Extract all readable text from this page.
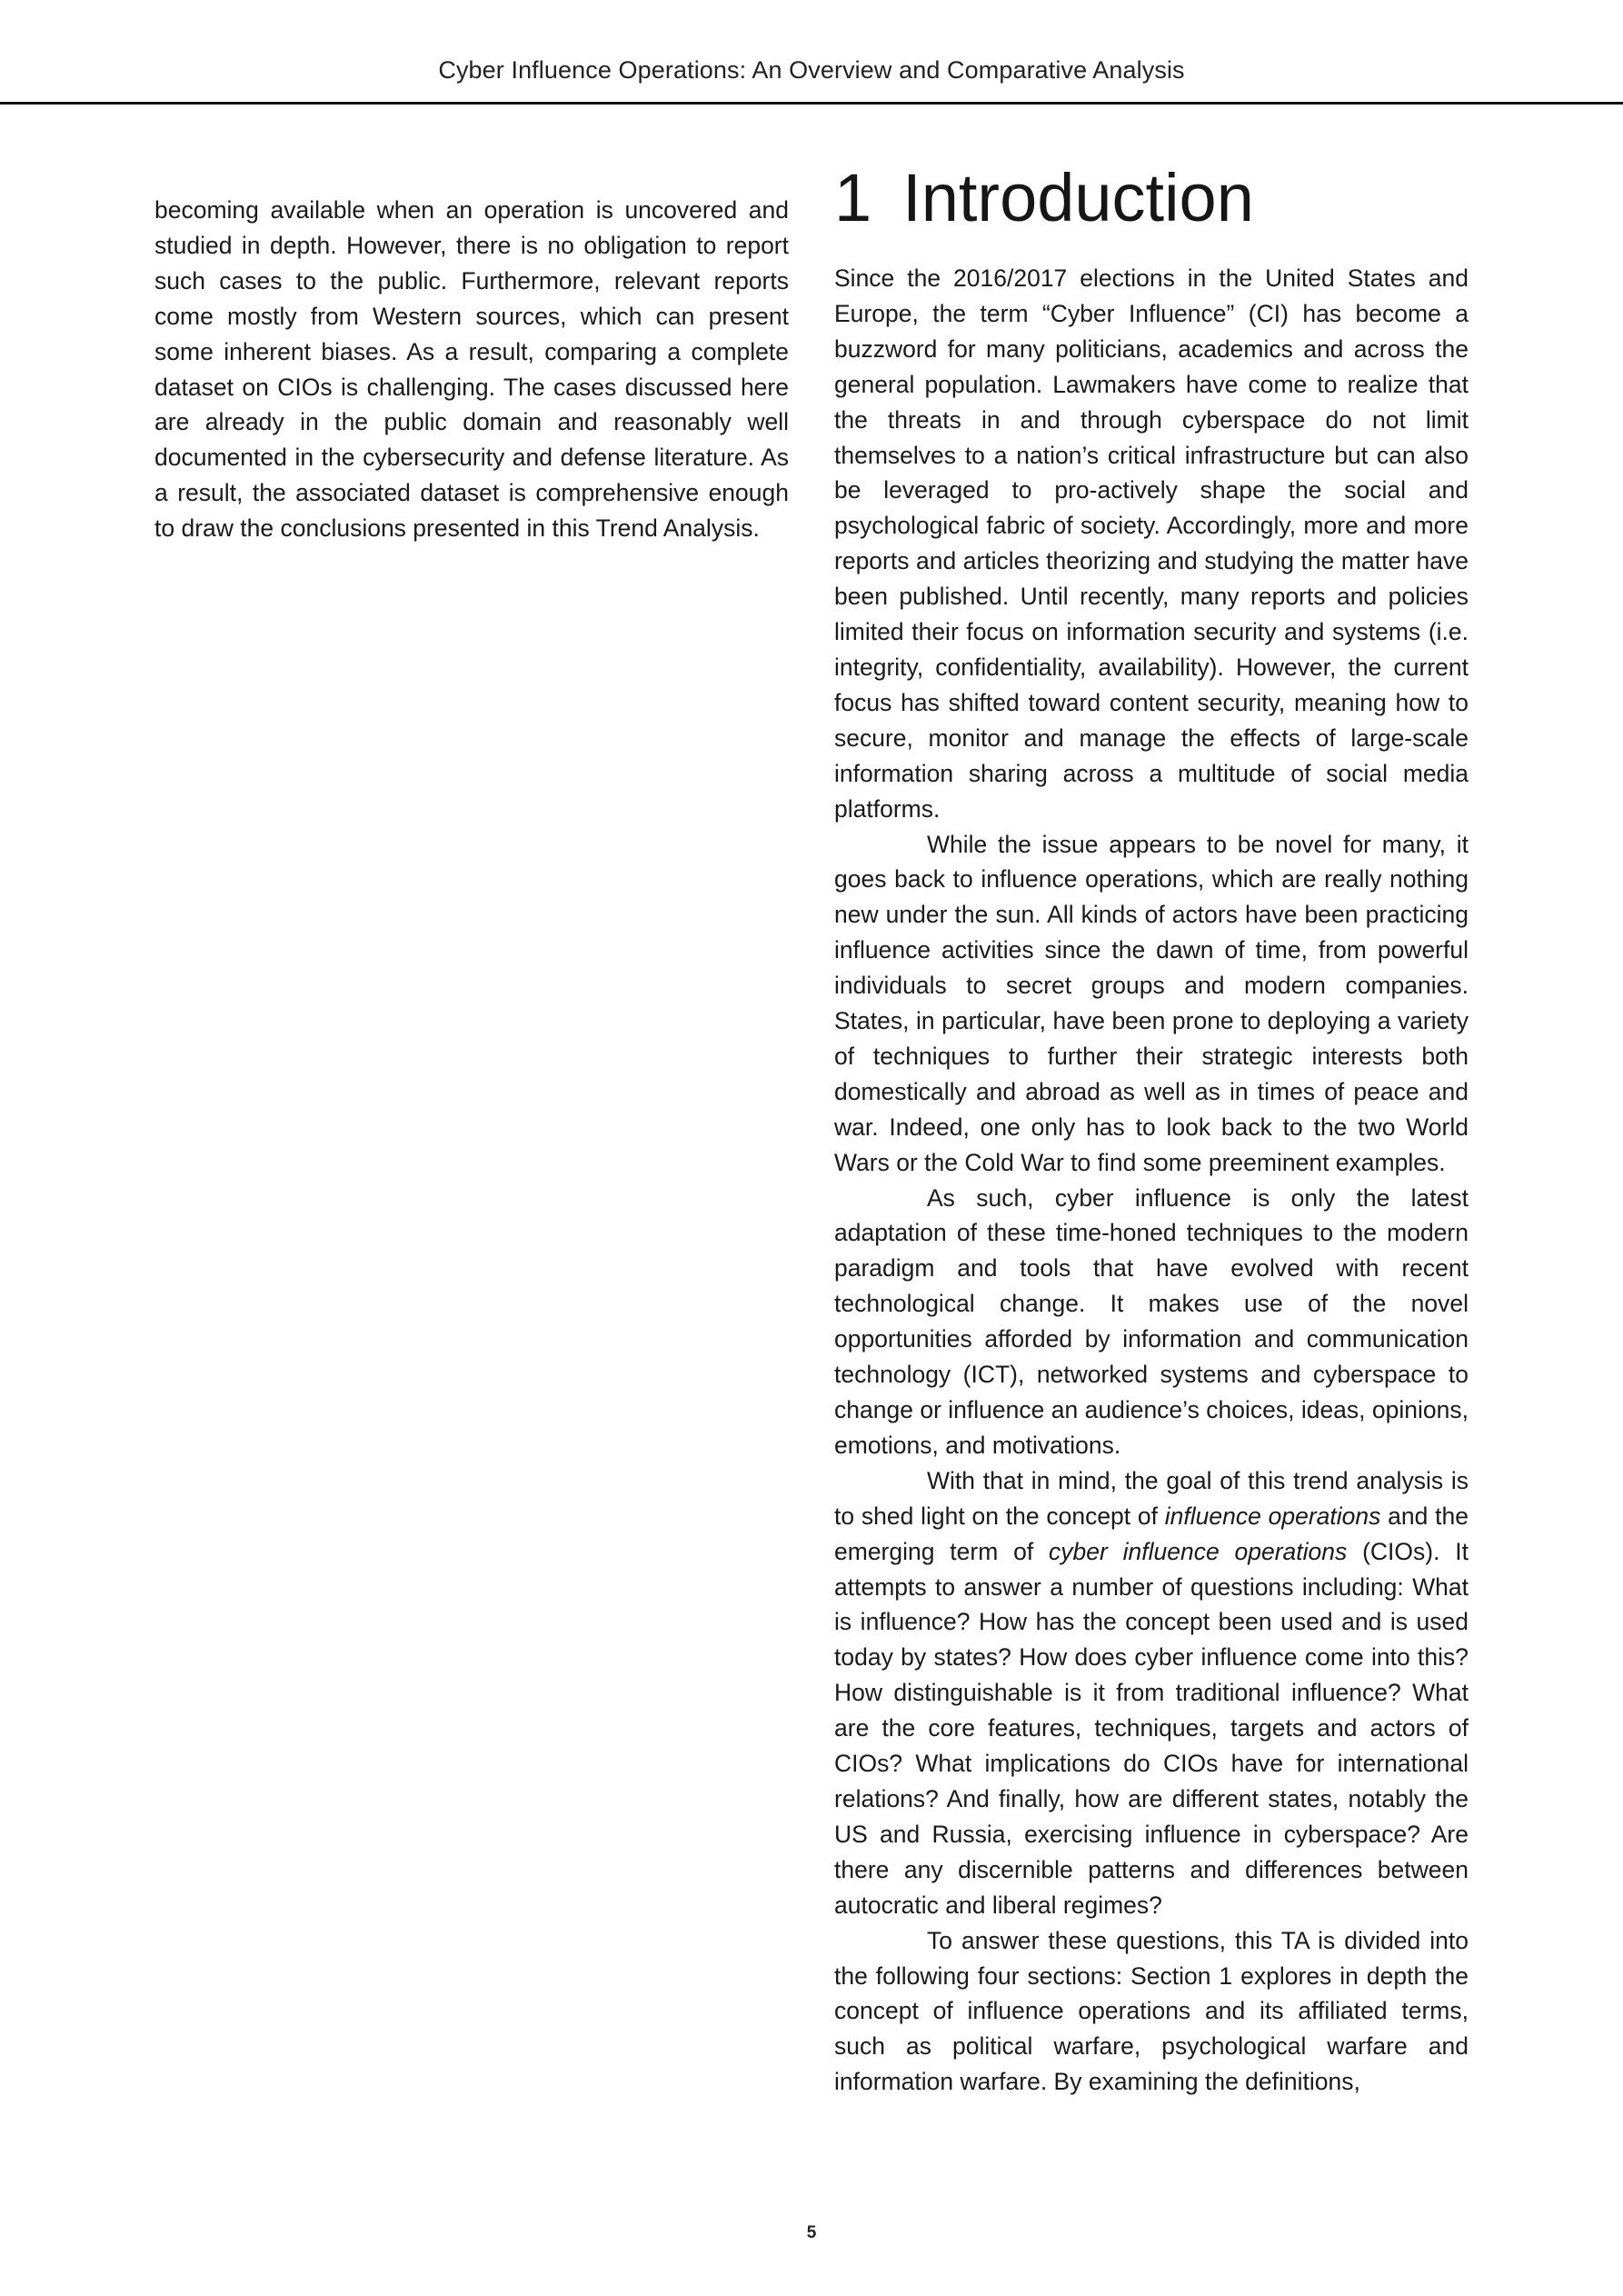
Cyber Influence Operations: An Overview and Comparative Analysis

becoming available when an operation is uncovered and studied in depth. However, there is no obligation to report such cases to the public. Furthermore, relevant reports come mostly from Western sources, which can present some inherent biases. As a result, comparing a complete dataset on CIOs is challenging. The cases discussed here are already in the public domain and reasonably well documented in the cybersecurity and defense literature. As a result, the associated dataset is comprehensive enough to draw the conclusions presented in this Trend Analysis.

1 Introduction

Since the 2016/2017 elections in the United States and Europe, the term “Cyber Influence” (CI) has become a buzzword for many politicians, academics and across the general population. Lawmakers have come to realize that the threats in and through cyberspace do not limit themselves to a nation’s critical infrastructure but can also be leveraged to pro-actively shape the social and psychological fabric of society. Accordingly, more and more reports and articles theorizing and studying the matter have been published. Until recently, many reports and policies limited their focus on information security and systems (i.e. integrity, confidentiality, availability). However, the current focus has shifted toward content security, meaning how to secure, monitor and manage the effects of large-scale information sharing across a multitude of social media platforms.

While the issue appears to be novel for many, it goes back to influence operations, which are really nothing new under the sun. All kinds of actors have been practicing influence activities since the dawn of time, from powerful individuals to secret groups and modern companies. States, in particular, have been prone to deploying a variety of techniques to further their strategic interests both domestically and abroad as well as in times of peace and war. Indeed, one only has to look back to the two World Wars or the Cold War to find some preeminent examples.

As such, cyber influence is only the latest adaptation of these time-honed techniques to the modern paradigm and tools that have evolved with recent technological change. It makes use of the novel opportunities afforded by information and communication technology (ICT), networked systems and cyberspace to change or influence an audience’s choices, ideas, opinions, emotions, and motivations.

With that in mind, the goal of this trend analysis is to shed light on the concept of influence operations and the emerging term of cyber influence operations (CIOs). It attempts to answer a number of questions including: What is influence? How has the concept been used and is used today by states? How does cyber influence come into this? How distinguishable is it from traditional influence? What are the core features, techniques, targets and actors of CIOs? What implications do CIOs have for international relations? And finally, how are different states, notably the US and Russia, exercising influence in cyberspace? Are there any discernible patterns and differences between autocratic and liberal regimes?

To answer these questions, this TA is divided into the following four sections: Section 1 explores in depth the concept of influence operations and its affiliated terms, such as political warfare, psychological warfare and information warfare. By examining the definitions,

5
